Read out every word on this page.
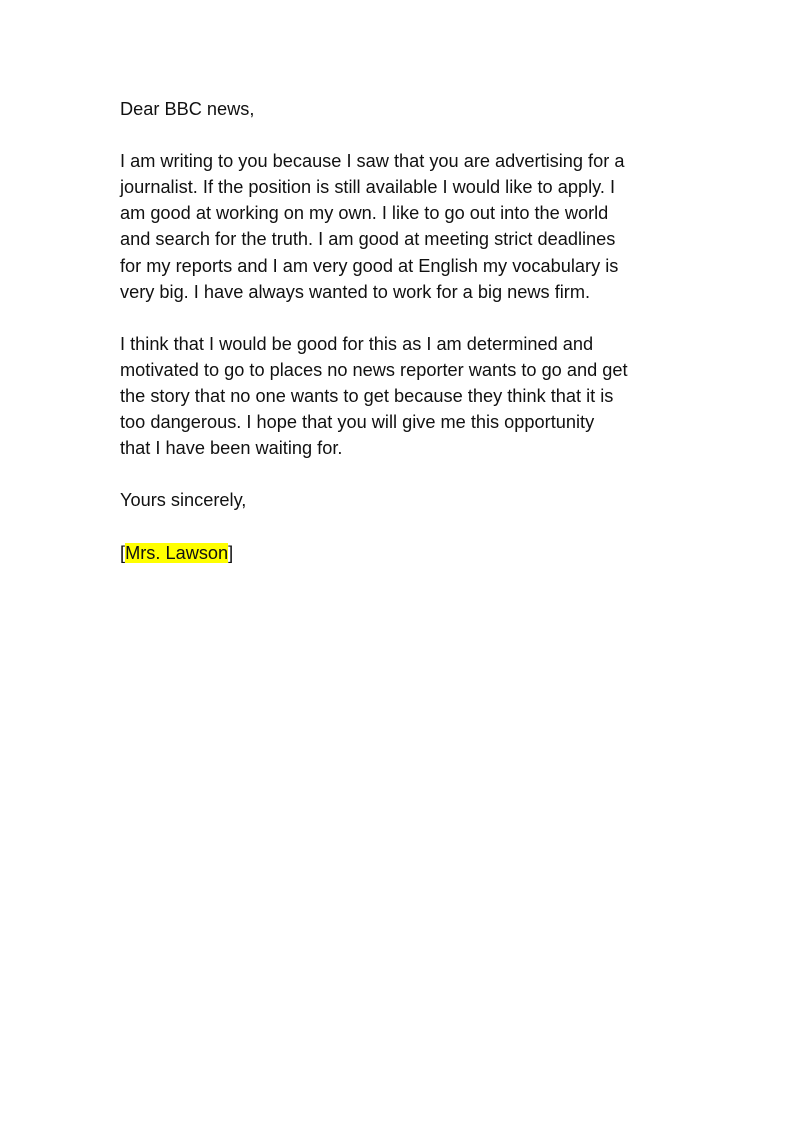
Dear BBC news,

I am writing to you because I saw that you are advertising for a
journalist. If the position is still available I would like to apply. I
am good at working on my own. I like to go out into the world
and search for the truth. I am good at meeting strict deadlines
for my reports and I am very good at English my vocabulary is
very big. I have always wanted to work for a big news firm.

I think that I would be good for this as I am determined and
motivated to go to places no news reporter wants to go and get
the story that no one wants to get because they think that it is
too dangerous. I hope that you will give me this opportunity
that I have been waiting for.

Yours sincerely,

[Mrs. Lawson]
